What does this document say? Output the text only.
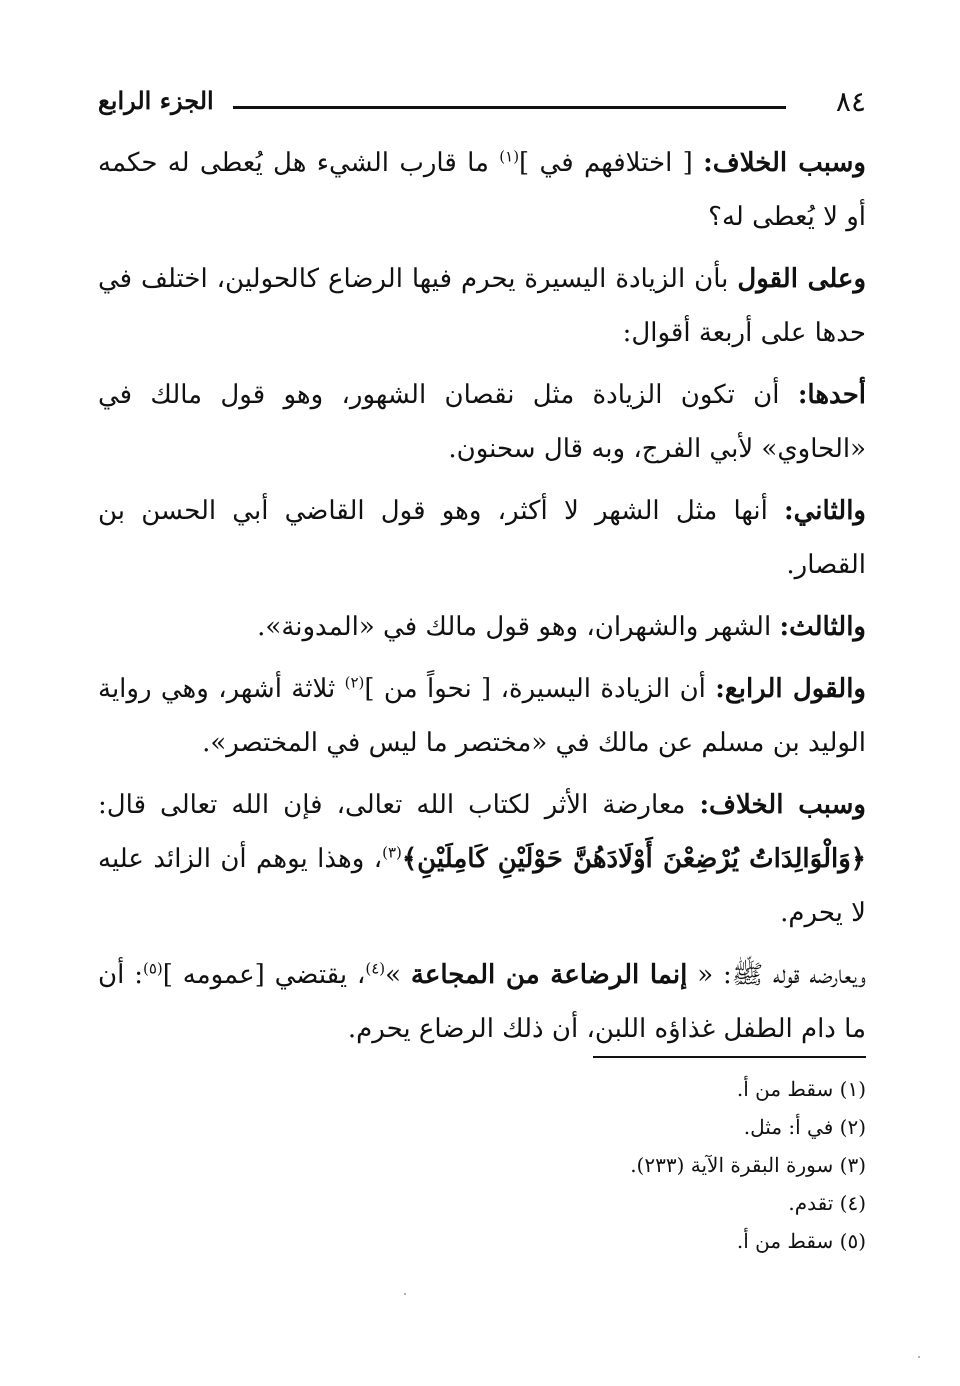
٨٤
الجزء الرابع

وسبب الخلاف: [ اختلافهم في ]$^{(١)}$ ما قارب الشيء هل يُعطى له حكمه أو لا يُعطى له؟

وعلى القول بأن الزيادة اليسيرة يحرم فيها الرضاع كالحولين، اختلف في حدها على أربعة أقوال:

أحدها: أن تكون الزيادة مثل نقصان الشهور، وهو قول مالك في «الحاوي» لأبي الفرج، وبه قال سحنون.

والثاني: أنها مثل الشهر لا أكثر، وهو قول القاضي أبي الحسن بن القصار.

والثالث: الشهر والشهران، وهو قول مالك في «المدونة».

والقول الرابع: أن الزيادة اليسيرة، [ نحواً من ]$^{(٢)}$ ثلاثة أشهر، وهي رواية الوليد بن مسلم عن مالك في «مختصر ما ليس في المختصر».

وسبب الخلاف: معارضة الأثر لكتاب الله تعالى، فإن الله تعالى قال: ﴿وَالْوَالِدَاتُ يُرْضِعْنَ أَوْلَادَهُنَّ حَوْلَيْنِ كَامِلَيْنِ﴾$^{(٣)}$، وهذا يوهم أن الزائد عليه لا يحرم.

ويعارضه قوله ﷺ: « إنما الرضاعة من المجاعة »$^{(٤)}$، يقتضي [عمومه ]$^{(٥)}$: أن ما دام الطفل غذاؤه اللبن، أن ذلك الرضاع يحرم.

(١) سقط من أ.

(٢) في أ: مثل.

(٣) سورة البقرة الآية (٢٣٣).

(٤) تقدم.

(٥) سقط من أ.
